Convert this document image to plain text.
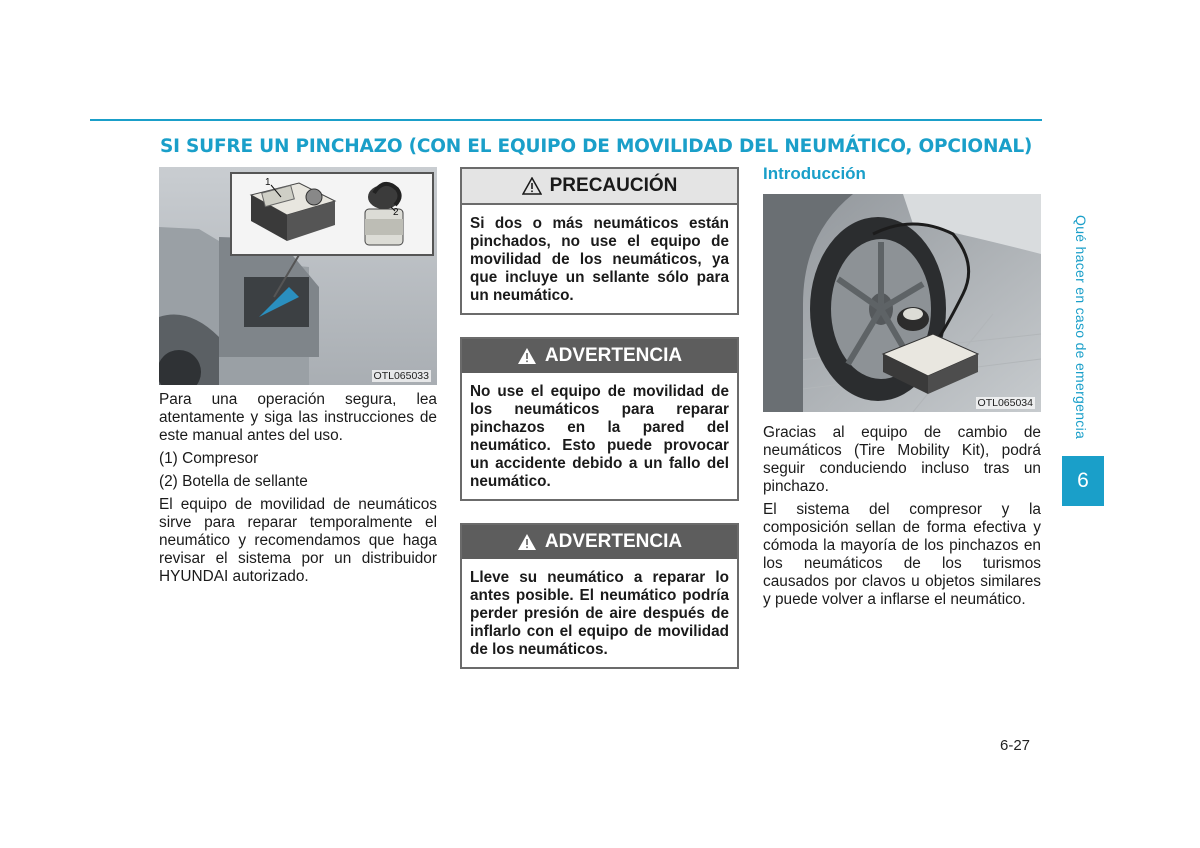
SI SUFRE UN PINCHAZO (CON EL EQUIPO DE MOVILIDAD DEL NEUMÁTICO, OPCIONAL)
1
2
OTL065033

Para una operación segura, lea atentamente y siga las instrucciones de este manual antes del uso.

(1) Compresor

(2) Botella de sellante

El equipo de movilidad de neumáticos sirve para reparar temporalmente el neumático y recomendamos que haga revisar el sistema por un distribuidor HYUNDAI autorizado.

PRECAUCIÓN
Si dos o más neumáticos están pinchados, no use el equipo de movilidad de los neumáticos, ya que incluye un sellante sólo para un neumático.
ADVERTENCIA
No use el equipo de movilidad de los neumáticos para reparar pinchazos en la pared del neumático. Esto puede provocar un accidente debido a un fallo del neumático.
ADVERTENCIA
Lleve su neumático a reparar lo antes posible. El neumático podría perder presión de aire después de inflarlo con el equipo de movilidad de los neumáticos.
Introducción
OTL065034

Gracias al equipo de cambio de neumáticos (Tire Mobility Kit), podrá seguir conduciendo incluso tras un pinchazo.

El sistema del compresor y la composición sellan de forma efectiva y cómoda la mayoría de los pinchazos en los neumáticos de los turismos causados por clavos u objetos similares y puede volver a inflarse el neumático.

Qué hacer en caso de emergencia
6
6-27
